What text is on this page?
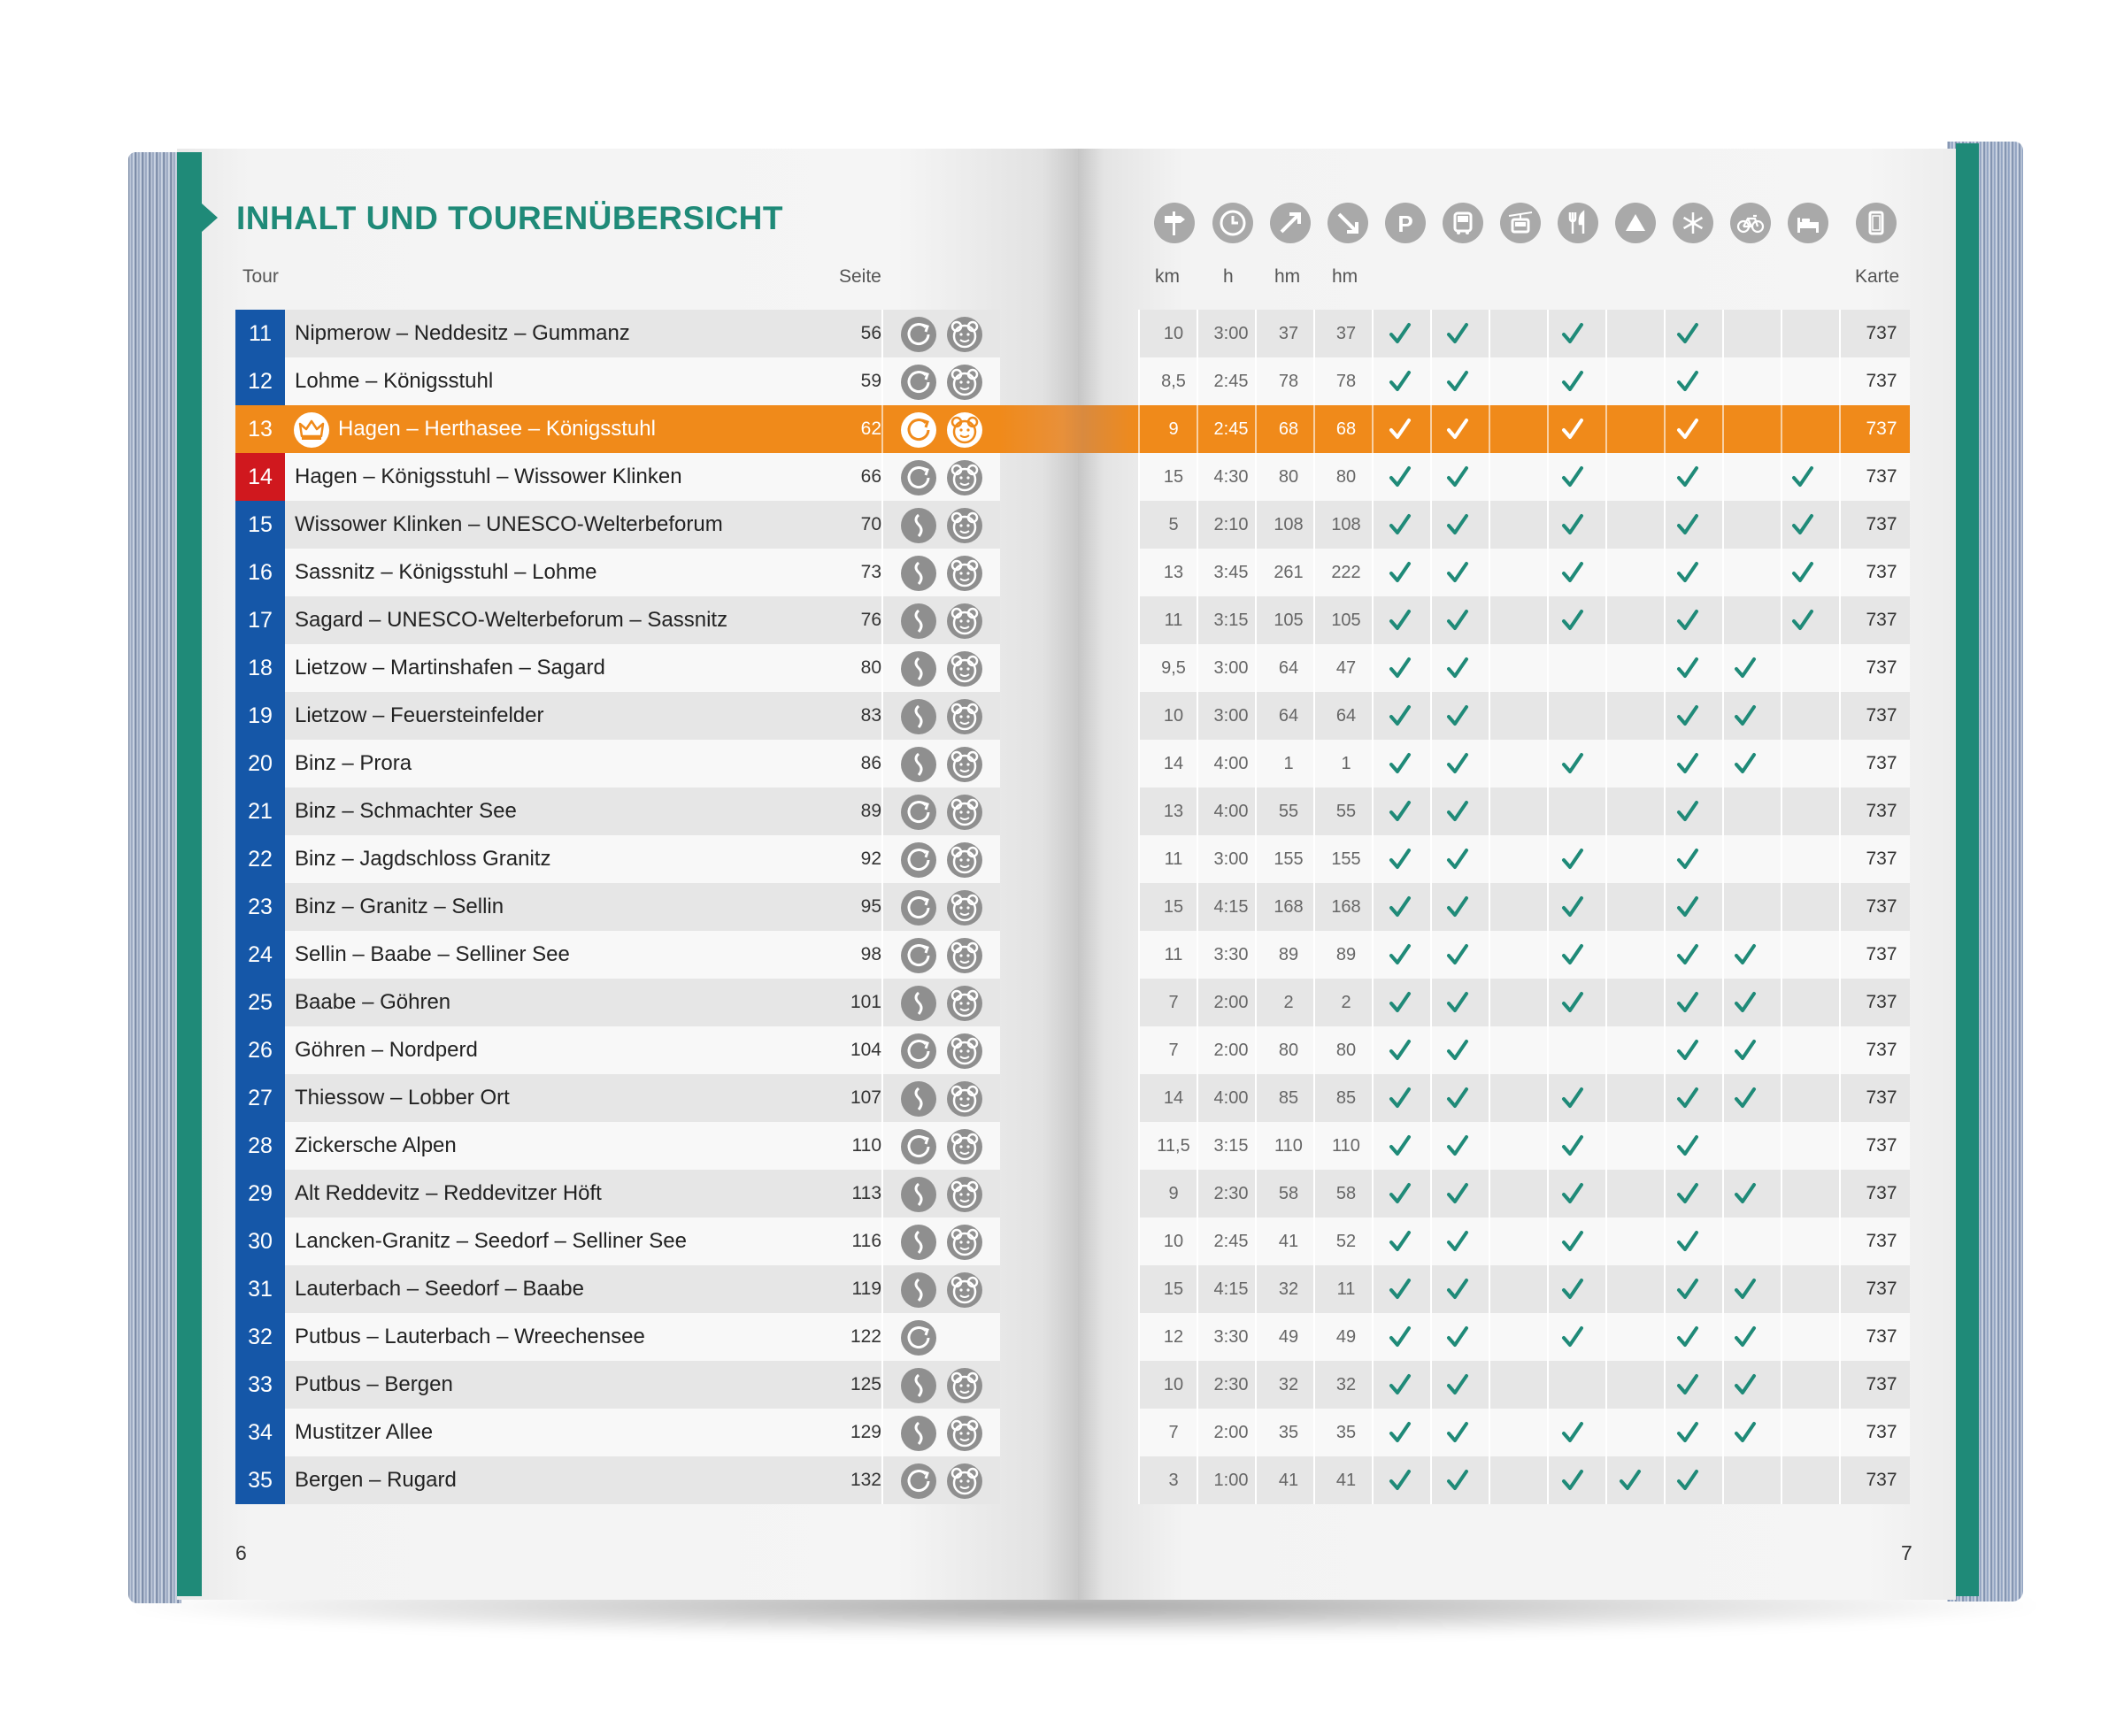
INHALT UND TOURENÜBERSICHT
Tour	Seite	km h hm hm	Karte
P
11	Nipmerow – Neddesitz – Gummanz	56	10	3:00	37	37	737
12	Lohme – Königsstuhl	59	8,5	2:45	78	78	737
13	Hagen – Herthasee – Königsstuhl	62	9	2:45	68	68	737
14	Hagen – Königsstuhl – Wissower Klinken	66	15	4:30	80	80	737
15	Wissower Klinken – UNESCO-Welterbeforum	70	5	2:10	108	108	737
16	Sassnitz – Königsstuhl – Lohme	73	13	3:45	261	222	737
17	Sagard – UNESCO-Welterbeforum – Sassnitz	76	11	3:15	105	105	737
18	Lietzow – Martinshafen – Sagard	80	9,5	3:00	64	47	737
19	Lietzow – Feuersteinfelder	83	10	3:00	64	64	737
20	Binz – Prora	86	14	4:00	1	1	737
21	Binz – Schmachter See	89	13	4:00	55	55	737
22	Binz – Jagdschloss Granitz	92	11	3:00	155	155	737
23	Binz – Granitz – Sellin	95	15	4:15	168	168	737
24	Sellin – Baabe – Selliner See	98	11	3:30	89	89	737
25	Baabe – Göhren	101	7	2:00	2	2	737
26	Göhren – Nordperd	104	7	2:00	80	80	737
27	Thiessow – Lobber Ort	107	14	4:00	85	85	737
28	Zickersche Alpen	110	11,5	3:15	110	110	737
29	Alt Reddevitz – Reddevitzer Höft	113	9	2:30	58	58	737
30	Lancken-Granitz – Seedorf – Selliner See	116	10	2:45	41	52	737
31	Lauterbach – Seedorf – Baabe	119	15	4:15	32	11	737
32	Putbus – Lauterbach – Wreechensee	122	12	3:30	49	49	737
33	Putbus – Bergen	125	10	2:30	32	32	737
34	Mustitzer Allee	129	7	2:00	35	35	737
35	Bergen – Rugard	132	3	1:00	41	41	737
6	7
